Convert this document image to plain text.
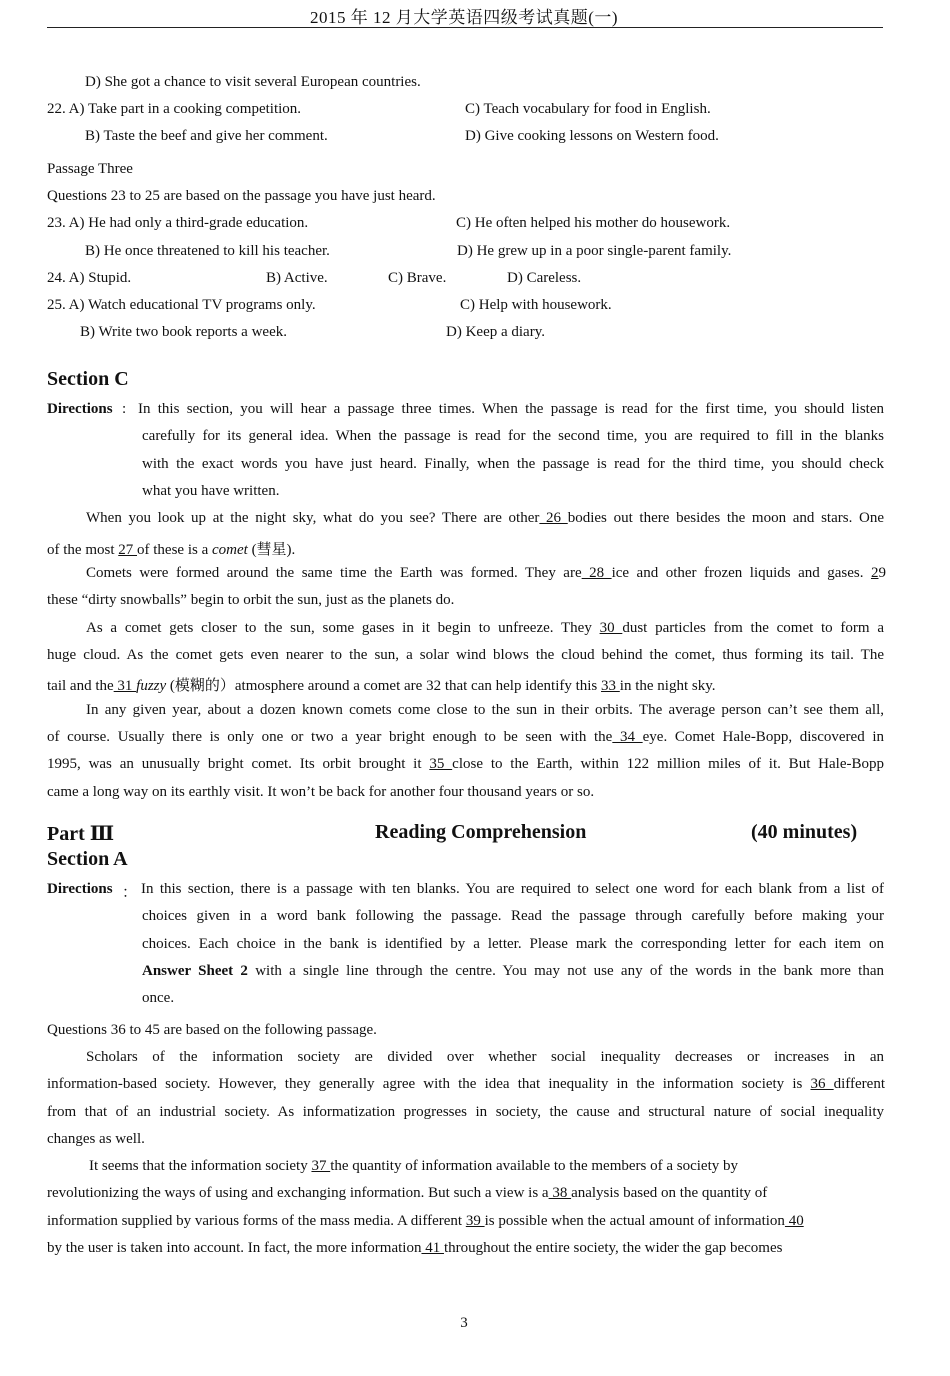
2015 年 12 月大学英语四级考试真题(一)
D) She got a chance to visit several European countries.
22. A) Take part in a cooking competition.	C) Teach vocabulary for food in English.
B) Taste the beef and give her comment.	D) Give cooking lessons on Western food.
Passage Three
Questions 23 to 25 are based on the passage you have just heard.
23. A) He had only a third-grade education.	C) He often helped his mother do housework.
B) He once threatened to kill his teacher.	D) He grew up in a poor single-parent family.
24. A) Stupid.	B) Active.	C) Brave.	D) Careless.
25. A) Watch educational TV programs only.	C) Help with housework.
B) Write two book reports a week.	D) Keep a diary.
Section C
Directions : In this section, you will hear a passage three times. When the passage is read for the first time, you should listen
carefully for its general idea. When the passage is read for the second time, you are required to fill in the blanks
with the exact words you have just heard. Finally, when the passage is read for the third time, you should check
what you have written.
When you look up at the night sky, what do you see? There are other 26 bodies out there besides the moon and stars. One
of the most 27 of these is a comet (彗星).
Comets were formed around the same time the Earth was formed. They are 28 ice and other frozen liquids and gases. 29
these “dirty snowballs” begin to orbit the sun, just as the planets do.
As a comet gets closer to the sun, some gases in it begin to unfreeze. They 30 dust particles from the comet to form a
huge cloud. As the comet gets even nearer to the sun, a solar wind blows the cloud behind the comet, thus forming its tail. The
tail and the 31 fuzzy (模糊的）atmosphere around a comet are 32 that can help identify this 33 in the night sky.
In any given year, about a dozen known comets come close to the sun in their orbits. The average person can’t see them all,
of course. Usually there is only one or two a year bright enough to be seen with the 34 eye. Comet Hale-Bopp, discovered in
1995, was an unusually bright comet. Its orbit brought it 35 close to the Earth, within 122 million miles of it. But Hale-Bopp
came a long way on its earthly visit. It won’t be back for another four thousand years or so.
Part Ⅲ	Reading Comprehension	(40 minutes)
Section A
Directions ： In this section, there is a passage with ten blanks. You are required to select one word for each blank from a list of
choices given in a word bank following the passage. Read the passage through carefully before making your
choices. Each choice in the bank is identified by a letter. Please mark the corresponding letter for each item on
Answer Sheet 2 with a single line through the centre. You may not use any of the words in the bank more than
once.
Questions 36 to 45 are based on the following passage.
Scholars of the information society are divided over whether social inequality decreases or increases in an
information-based society. However, they generally agree with the idea that inequality in the information society is 36 different
from that of an industrial society. As informatization progresses in society, the cause and structural nature of social inequality
changes as well.
It seems that the information society 37 the quantity of information available to the members of a society by
revolutionizing the ways of using and exchanging information. But such a view is a 38 analysis based on the quantity of
information supplied by various forms of the mass media. A different 39 is possible when the actual amount of information 40
by the user is taken into account. In fact, the more information 41 throughout the entire society, the wider the gap becomes
3
